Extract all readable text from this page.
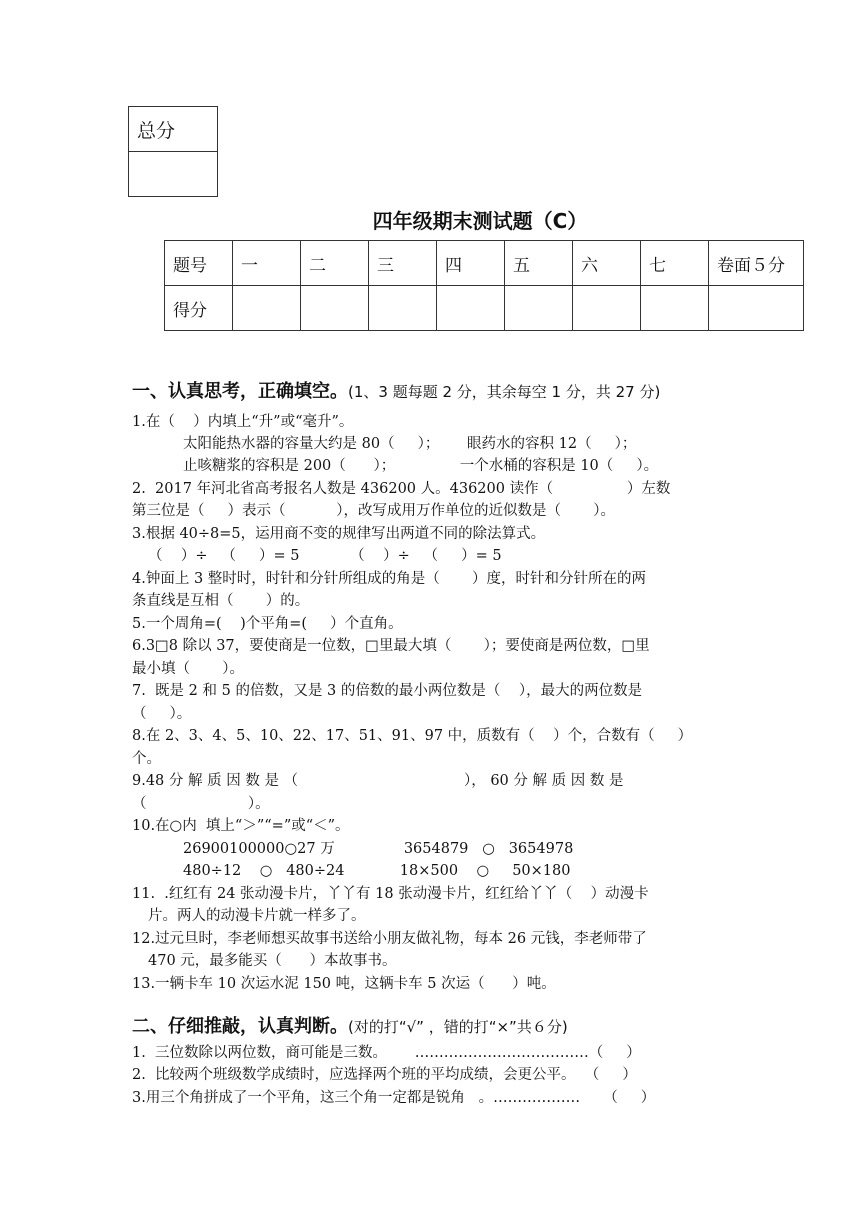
总分

四年级期末测试题（C）
题号	一	二	三	四	五	六	七	卷面５分
得分								
一、认真思考，正确填空。(1、3 题每题 2 分，其余每空 1 分，共 27 分)
1.在（    ）内填上“升”或“毫升”。
太阳能热水器的容量大约是 80（     ）；      眼药水的容积 12（     ）；
止咳糖浆的容积是 200（      ）；              一个水桶的容积是 10（     ）。
2.  2017 年河北省高考报名人数是 436200 人。436200 读作（                ）左数
第三位是（     ）表示（           ），改写成用万作单位的近似数是（       ）。
3.根据 40÷8=5，运用商不变的规律写出两道不同的除法算式。
（    ）÷   （     ）= 5           （    ）÷   （     ）= 5
4.钟面上 3 整时时，时针和分针所组成的角是（       ）度，时针和分针所在的两
条直线是互相（       ）的。
5.一个周角=(    )个平角=(     ）个直角。
6.3□8 除以 37，要使商是一位数，□里最大填（       ）；要使商是两位数，□里
最小填（       ）。
7.  既是 2 和 5 的倍数，又是 3 的倍数的最小两位数是（    ），最大的两位数是
（     ）。
8.在 2、3、4、5、10、22、17、51、91、97 中，质数有（    ）个，合数有（     ）
个。
9.48 分 解 质 因 数 是 （                                    ）， 60 分 解 质 因 数 是
（                      ）。
10.在○内  填上“＞”“=”或“＜”。
26900100000○27 万               3654879   ○   3654978
480÷12    ○   480÷24            18×500    ○     50×180
11.  .红红有 24 张动漫卡片，丫丫有 18 张动漫卡片，红红给丫丫（    ）动漫卡
片。两人的动漫卡片就一样多了。
12.过元旦时，李老师想买故事书送给小朋友做礼物，每本 26 元钱，李老师带了
470 元，最多能买（      ）本故事书。
13.一辆卡车 10 次运水泥 150 吨，这辆卡车 5 次运（      ）吨。
二、仔细推敲，认真判断。(对的打“√” ，错的打“×”共６分)
1.  三位数除以两位数，商可能是三数。      ………………………………（     ）
2.  比较两个班级数学成绩时，应选择两个班的平均成绩，会更公平。  （     ）
3.用三个角拼成了一个平角，这三个角一定都是锐角   。………………     （     ）
